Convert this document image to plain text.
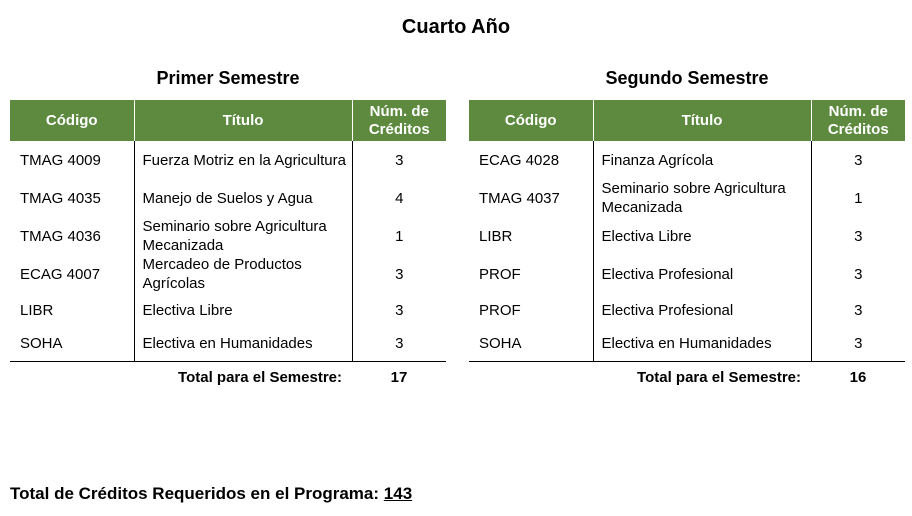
Cuarto Año
Primer Semestre	Segundo Semestre
Código	Título	Núm. de Créditos
TMAG 4009	Fuerza Motriz en la Agricultura	3
TMAG 4035	Manejo de Suelos y Agua	4
TMAG 4036	Seminario sobre Agricultura Mecanizada	1
ECAG 4007	Mercadeo de Productos Agrícolas	3
LIBR	Electiva Libre	3
SOHA	Electiva en Humanidades	3
Total para el Semestre:	17
Código	Título	Núm. de Créditos
ECAG 4028	Finanza Agrícola	3
TMAG 4037	Seminario sobre Agricultura Mecanizada	1
LIBR	Electiva Libre	3
PROF	Electiva Profesional	3
PROF	Electiva Profesional	3
SOHA	Electiva en Humanidades	3
Total para el Semestre:	16
Total de Créditos Requeridos en el Programa: 143
